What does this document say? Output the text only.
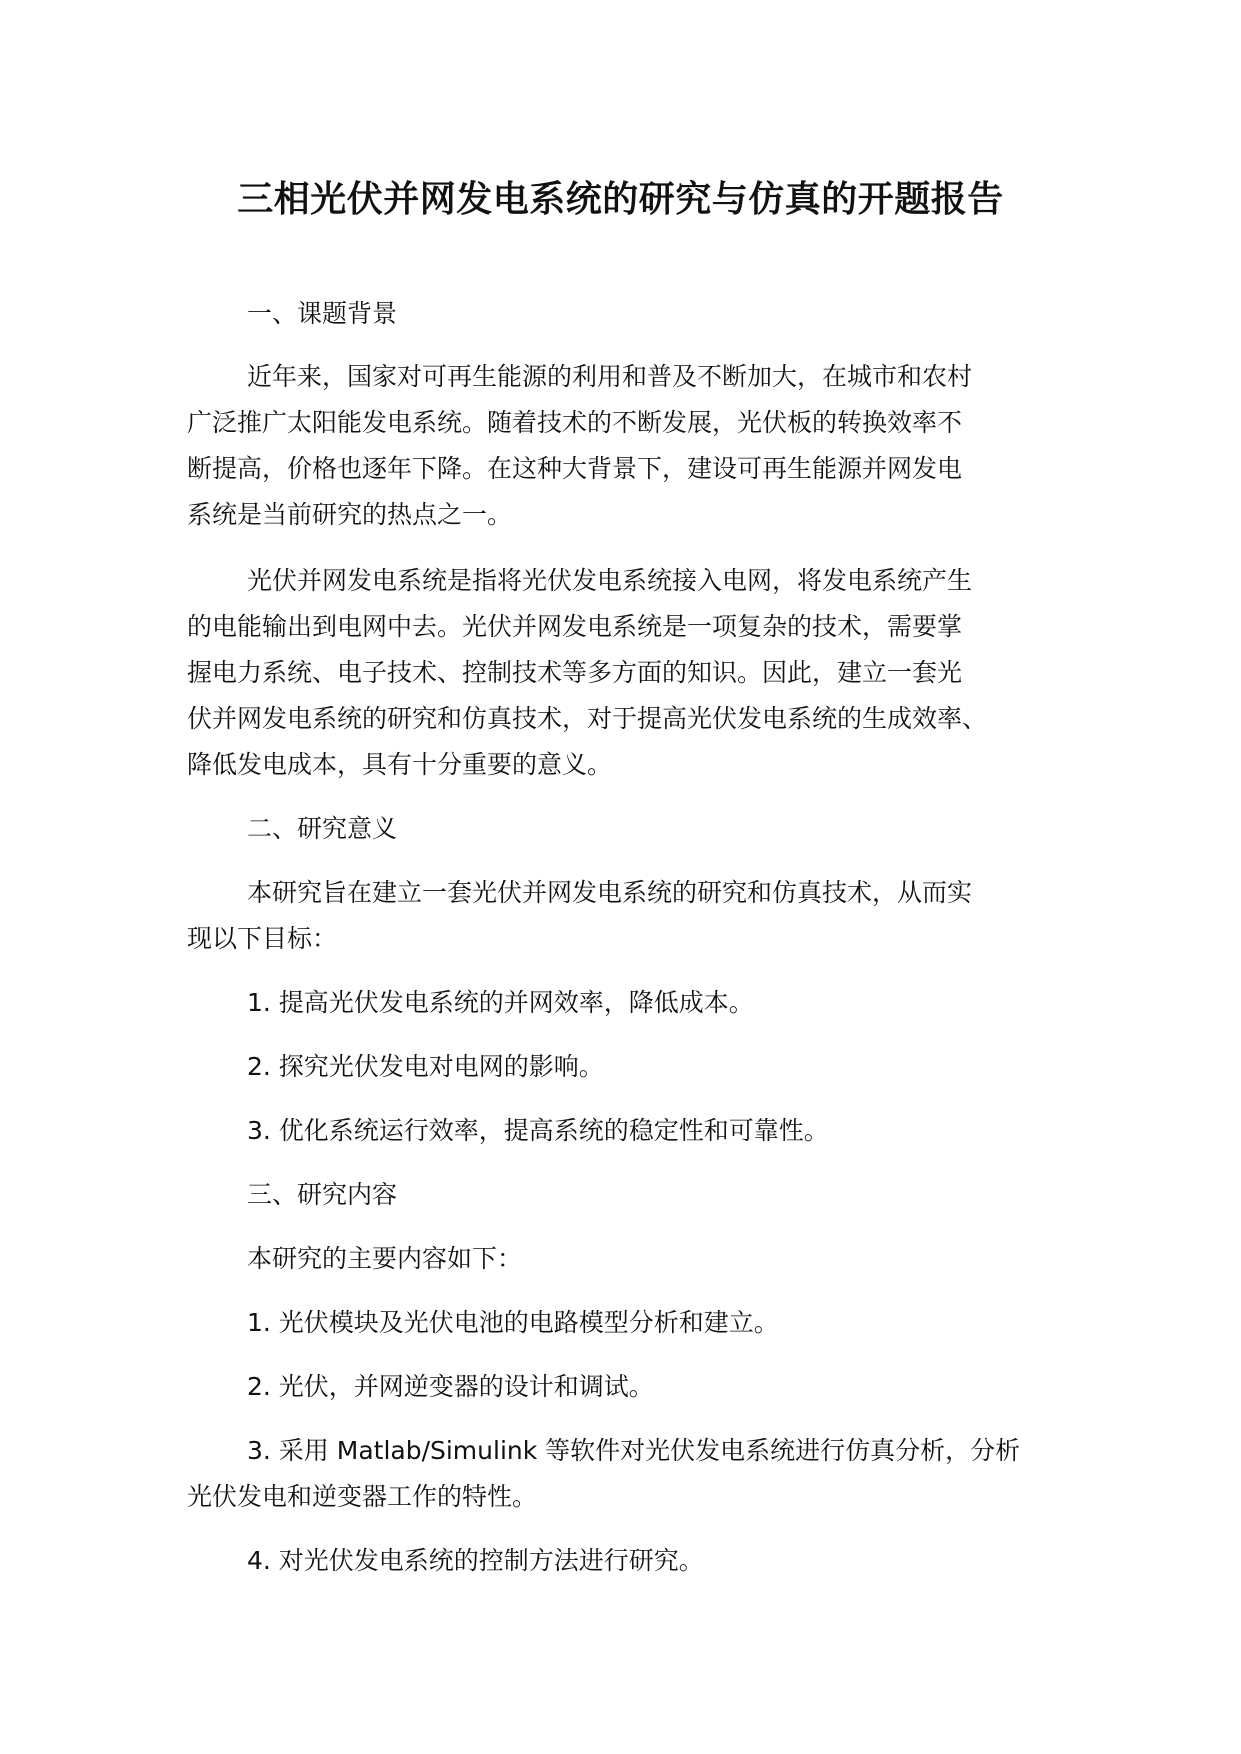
三相光伏并网发电系统的研究与仿真的开题报告
一、课题背景
近年来，国家对可再生能源的利用和普及不断加大，在城市和农村
广泛推广太阳能发电系统。随着技术的不断发展，光伏板的转换效率不
断提高，价格也逐年下降。在这种大背景下，建设可再生能源并网发电
系统是当前研究的热点之一。
光伏并网发电系统是指将光伏发电系统接入电网，将发电系统产生
的电能输出到电网中去。光伏并网发电系统是一项复杂的技术，需要掌
握电力系统、电子技术、控制技术等多方面的知识。因此，建立一套光
伏并网发电系统的研究和仿真技术，对于提高光伏发电系统的生成效率、
降低发电成本，具有十分重要的意义。
二、研究意义
本研究旨在建立一套光伏并网发电系统的研究和仿真技术，从而实
现以下目标：
1. 提高光伏发电系统的并网效率，降低成本。
2. 探究光伏发电对电网的影响。
3. 优化系统运行效率，提高系统的稳定性和可靠性。
三、研究内容
本研究的主要内容如下：
1. 光伏模块及光伏电池的电路模型分析和建立。
2. 光伏，并网逆变器的设计和调试。
3. 采用 Matlab/Simulink 等软件对光伏发电系统进行仿真分析，分析
光伏发电和逆变器工作的特性。
4. 对光伏发电系统的控制方法进行研究。
